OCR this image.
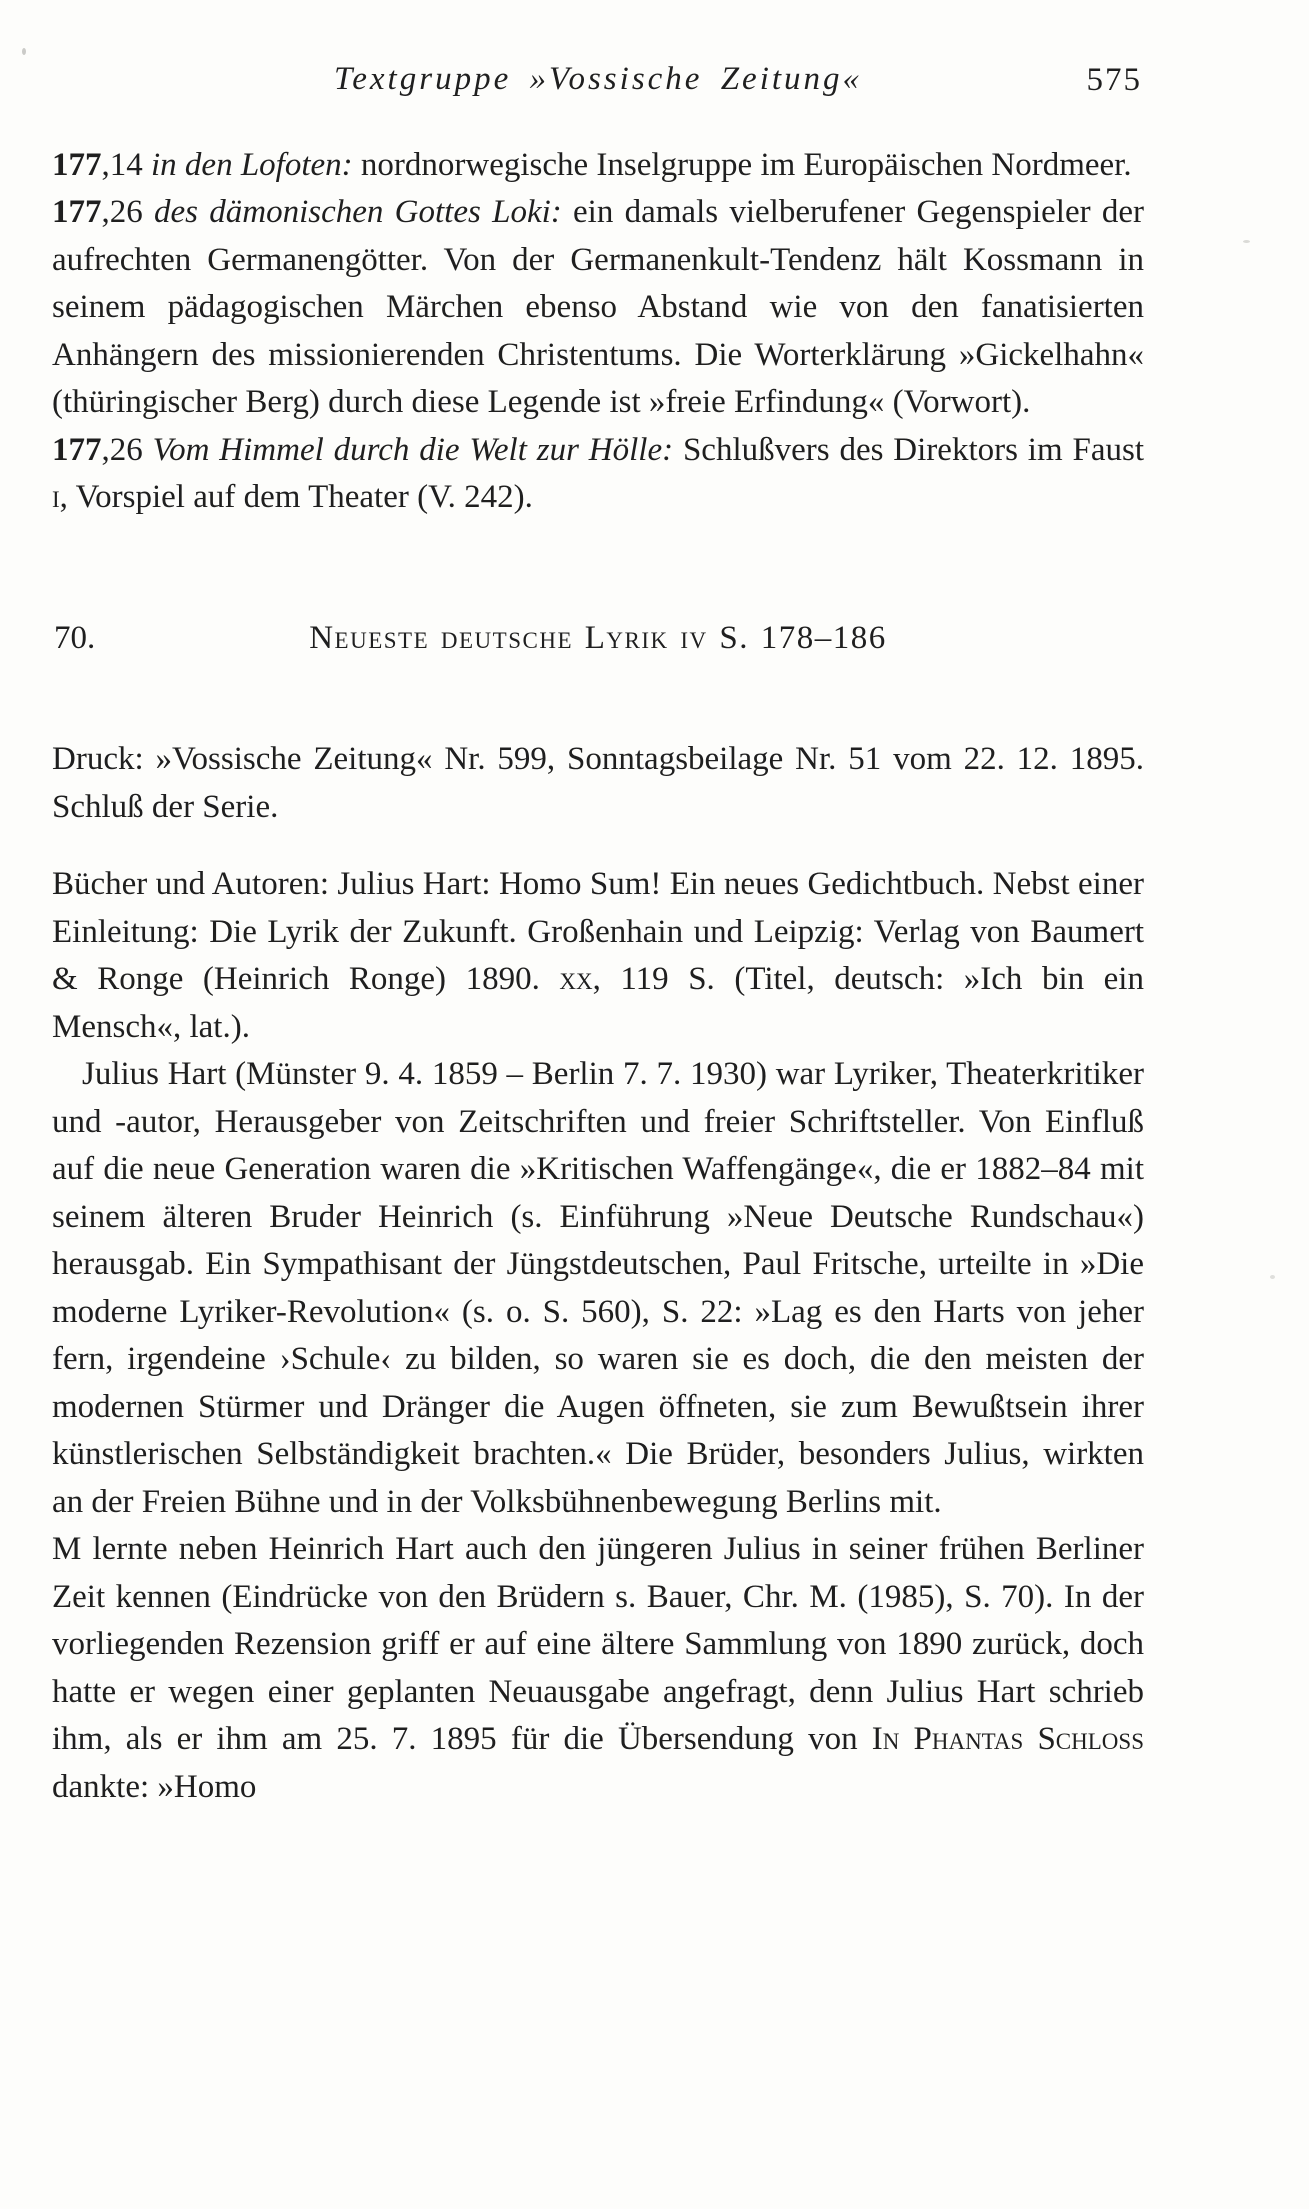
Textgruppe »Vossische Zeitung«	575

177,14 in den Lofoten: nordnorwegische Inselgruppe im Europäischen Nordmeer.

177,26 des dämonischen Gottes Loki: ein damals vielberufener Gegenspieler der aufrechten Germanengötter. Von der Germanenkult-Tendenz hält Kossmann in seinem pädagogischen Märchen ebenso Abstand wie von den fanatisierten Anhängern des missionierenden Christentums. Die Worterklärung »Gickelhahn« (thüringischer Berg) durch diese Legende ist »freie Erfindung« (Vorwort).

177,26 Vom Himmel durch die Welt zur Hölle: Schlußvers des Direktors im Faust i, Vorspiel auf dem Theater (V. 242).

70.	Neueste deutsche Lyrik iv S. 178–186

Druck: »Vossische Zeitung« Nr. 599, Sonntagsbeilage Nr. 51 vom 22. 12. 1895. Schluß der Serie.

Bücher und Autoren: Julius Hart: Homo Sum! Ein neues Gedichtbuch. Nebst einer Einleitung: Die Lyrik der Zukunft. Großenhain und Leipzig: Verlag von Baumert & Ronge (Heinrich Ronge) 1890. xx, 119 S. (Titel, deutsch: »Ich bin ein Mensch«, lat.).

Julius Hart (Münster 9. 4. 1859 – Berlin 7. 7. 1930) war Lyriker, Theaterkritiker und -autor, Herausgeber von Zeitschriften und freier Schriftsteller. Von Einfluß auf die neue Generation waren die »Kritischen Waffengänge«, die er 1882–84 mit seinem älteren Bruder Heinrich (s. Einführung »Neue Deutsche Rundschau«) herausgab. Ein Sympathisant der Jüngstdeutschen, Paul Fritsche, urteilte in »Die moderne Lyriker-Revolution« (s. o. S. 560), S. 22: »Lag es den Harts von jeher fern, irgendeine ›Schule‹ zu bilden, so waren sie es doch, die den meisten der modernen Stürmer und Dränger die Augen öffneten, sie zum Bewußtsein ihrer künstlerischen Selbständigkeit brachten.« Die Brüder, besonders Julius, wirkten an der Freien Bühne und in der Volksbühnenbewegung Berlins mit.

M lernte neben Heinrich Hart auch den jüngeren Julius in seiner frühen Berliner Zeit kennen (Eindrücke von den Brüdern s. Bauer, Chr. M. (1985), S. 70). In der vorliegenden Rezension griff er auf eine ältere Sammlung von 1890 zurück, doch hatte er wegen einer geplanten Neuausgabe angefragt, denn Julius Hart schrieb ihm, als er ihm am 25. 7. 1895 für die Übersendung von In Phantas Schloss dankte: »Homo
